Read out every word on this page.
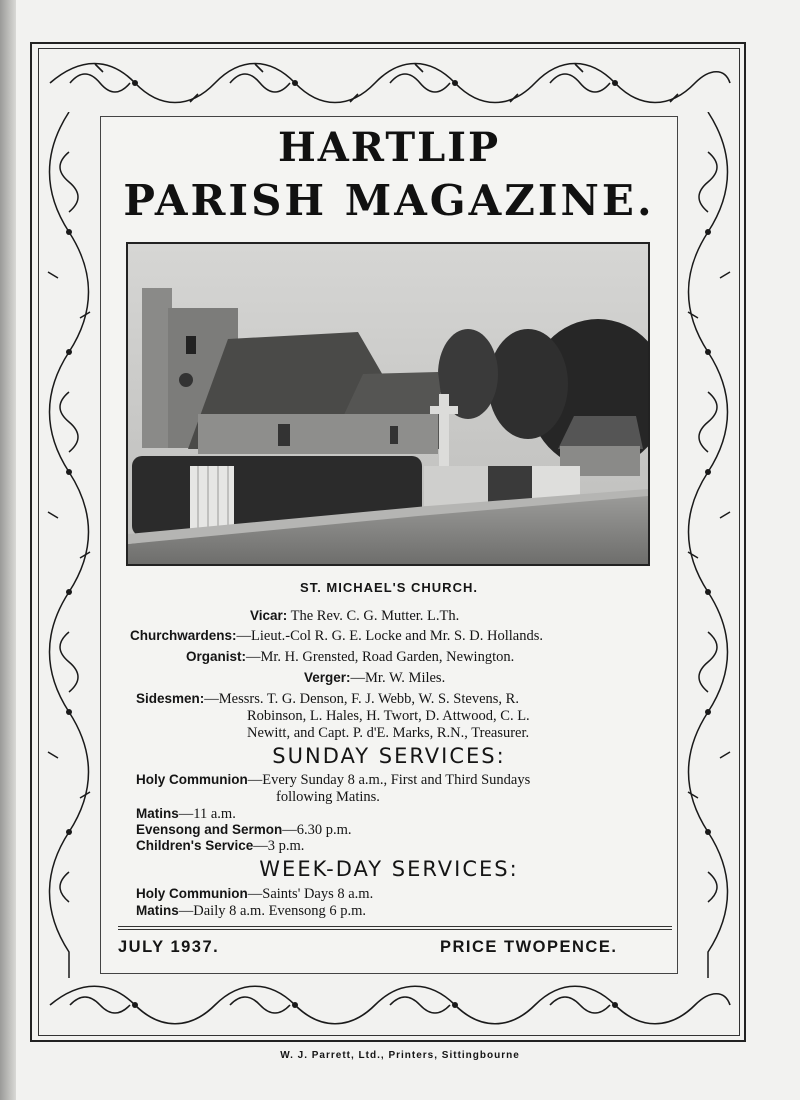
HARTLIP
PARISH MAGAZINE.
ST. MICHAEL'S CHURCH.
Vicar: The Rev. C. G. Mutter. L.Th.
Churchwardens:—Lieut.-Col R. G. E. Locke and Mr. S. D. Hollands.
Organist:—Mr. H. Grensted, Road Garden, Newington.
Verger:—Mr. W. Miles.
Sidesmen:—Messrs. T. G. Denson, F. J. Webb, W. S. Stevens, R.
Robinson, L. Hales, H. Twort, D. Attwood, C. L.
Newitt, and Capt. P. d'E. Marks, R.N., Treasurer.
SUNDAY SERVICES:
Holy Communion—Every Sunday 8 a.m., First and Third Sundays
following Matins.
Matins—11 a.m.
Evensong and Sermon—6.30 p.m.
Children's Service—3 p.m.
WEEK-DAY SERVICES:
Holy Communion—Saints' Days 8 a.m.
Matins—Daily 8 a.m. Evensong 6 p.m.
JULY 1937.	PRICE TWOPENCE.
W. J. Parrett, Ltd., Printers, Sittingbourne
